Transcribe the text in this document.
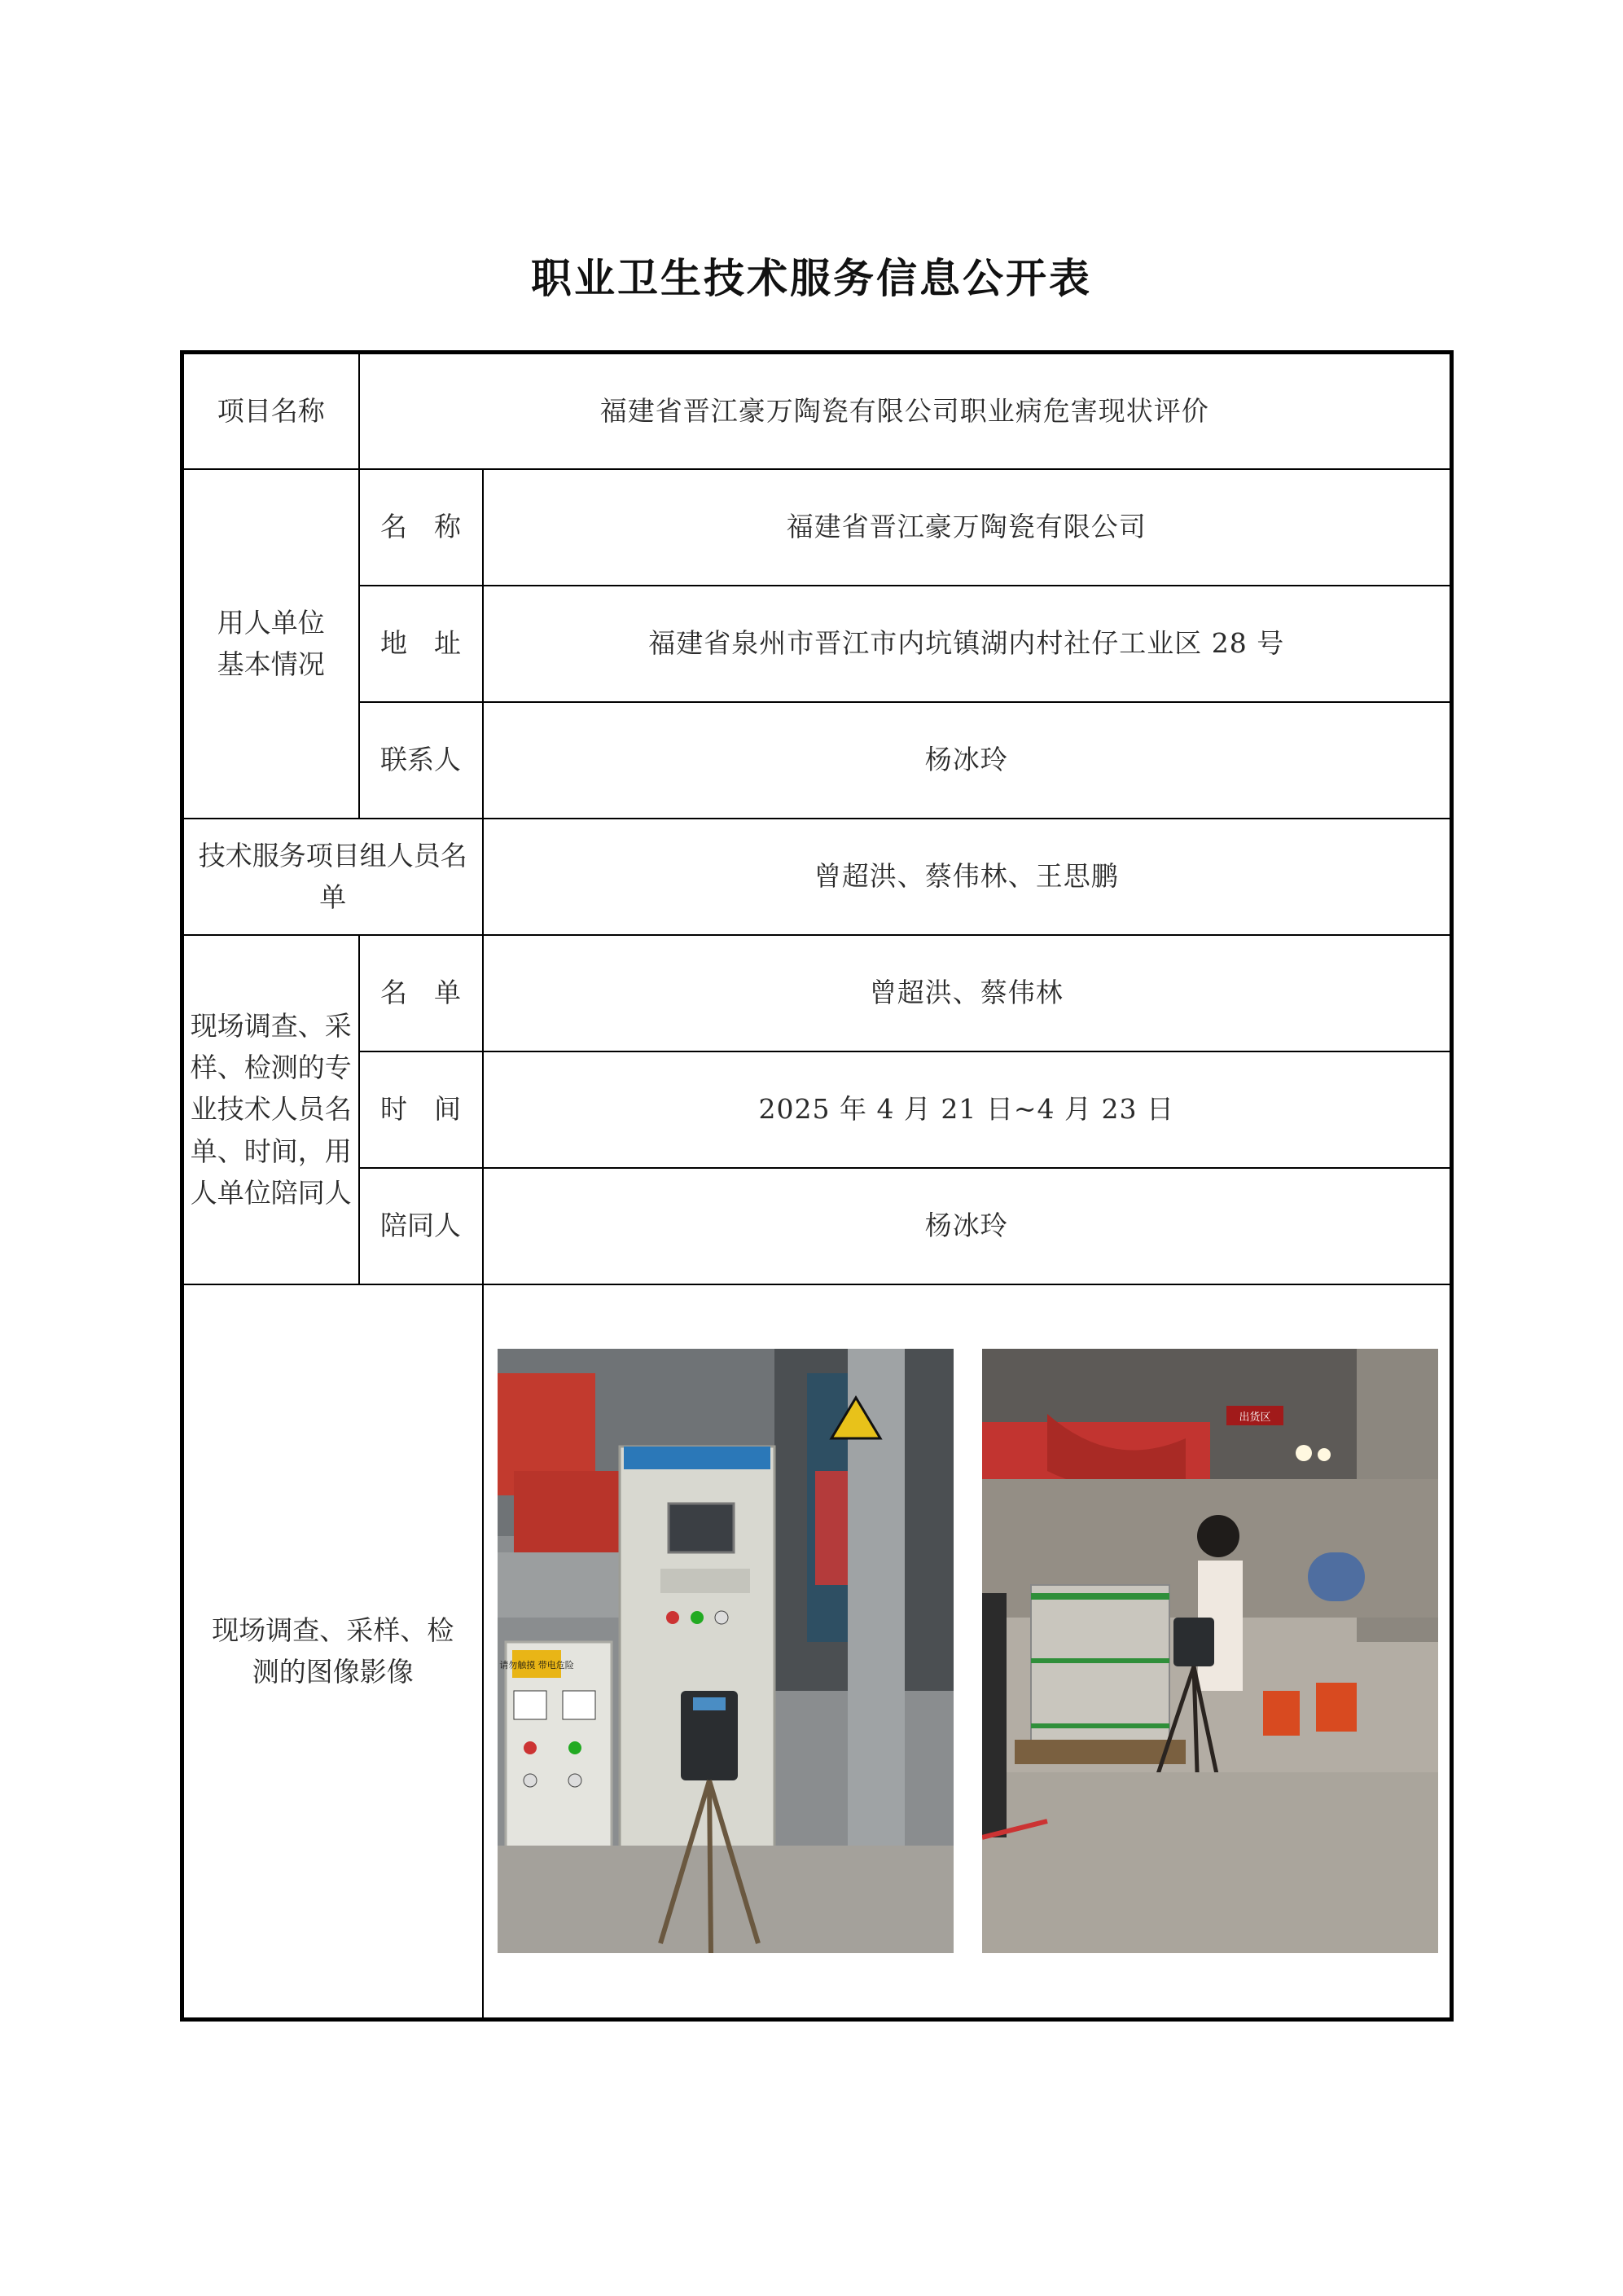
职业卫生技术服务信息公开表
项目名称	福建省晋江豪万陶瓷有限公司职业病危害现状评价	
用人单位
基本情况	名　称	福建省晋江豪万陶瓷有限公司
	地　址	福建省泉州市晋江市内坑镇湖内村社仔工业区 28 号
	联系人	杨冰玲
技术服务项目组人员名单		曾超洪、蔡伟林、王思鹏
现场调查、采样、检测的专业技术人员名单、时间，用人单位陪同人	名　单	曾超洪、蔡伟林
	时　间	2025 年 4 月 21 日~4 月 23 日
	陪同人	杨冰玲
现场调查、采样、检测的图像影像		请勿触摸 带电危险
出货区
